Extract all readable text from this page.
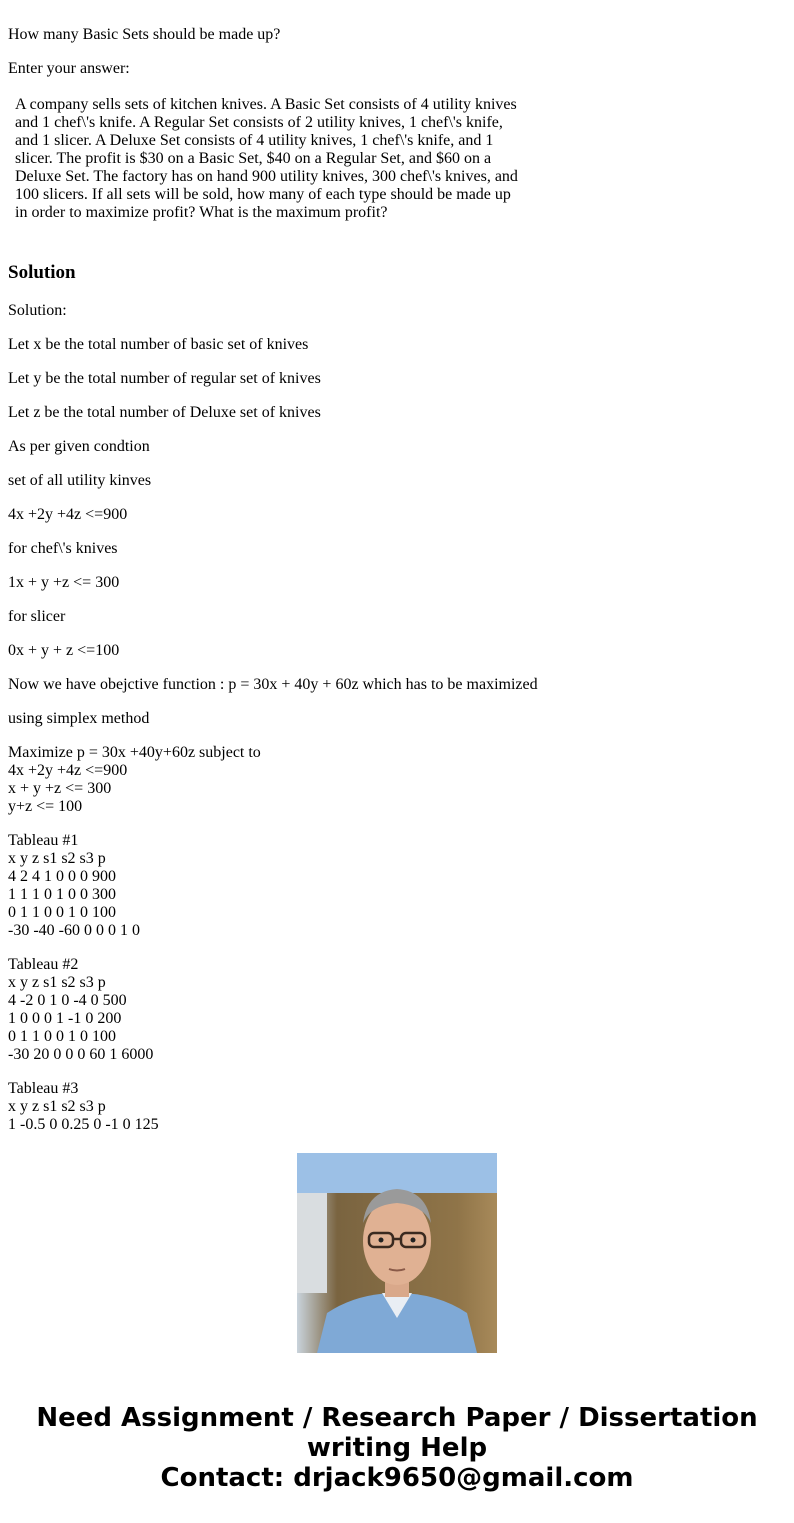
How many Basic Sets should be made up?

Enter your answer:

A company sells sets of kitchen knives. A Basic Set consists of 4 utility knives and 1 chef\'s knife. A Regular Set consists of 2 utility knives, 1 chef\'s knife, and 1 slicer. A Deluxe Set consists of 4 utility knives, 1 chef\'s knife, and 1 slicer. The profit is $30 on a Basic Set, $40 on a Regular Set, and $60 on a Deluxe Set. The factory has on hand 900 utility knives, 300 chef\'s knives, and 100 slicers. If all sets will be sold, how many of each type should be made up in order to maximize profit? What is the maximum profit?
Solution

Solution:

Let x be the total number of basic set of knives

Let y be the total number of regular set of knives

Let z be the total number of Deluxe set of knives

As per given condtion

set of all utility kinves

4x +2y +4z <=900

for chef\'s knives

1x + y +z <= 300

for slicer

0x + y + z <=100

Now we have obejctive function : p = 30x + 40y + 60z which has to be maximized

using simplex method

Maximize p = 30x +40y+60z subject to
4x +2y +4z <=900
x + y +z <= 300
y+z <= 100
Tableau #1
x y z s1 s2 s3 p
4 2 4 1 0 0 0 900
1 1 1 0 1 0 0 300
0 1 1 0 0 1 0 100
-30 -40 -60 0 0 0 1 0
Tableau #2
x y z s1 s2 s3 p
4 -2 0 1 0 -4 0 500
1 0 0 0 1 -1 0 200
0 1 1 0 0 1 0 100
-30 20 0 0 0 60 1 6000
Tableau #3
x y z s1 s2 s3 p
1 -0.5 0 0.25 0 -1 0 125
Need Assignment / Research Paper / Dissertation
writing Help
Contact: drjack9650@gmail.com
